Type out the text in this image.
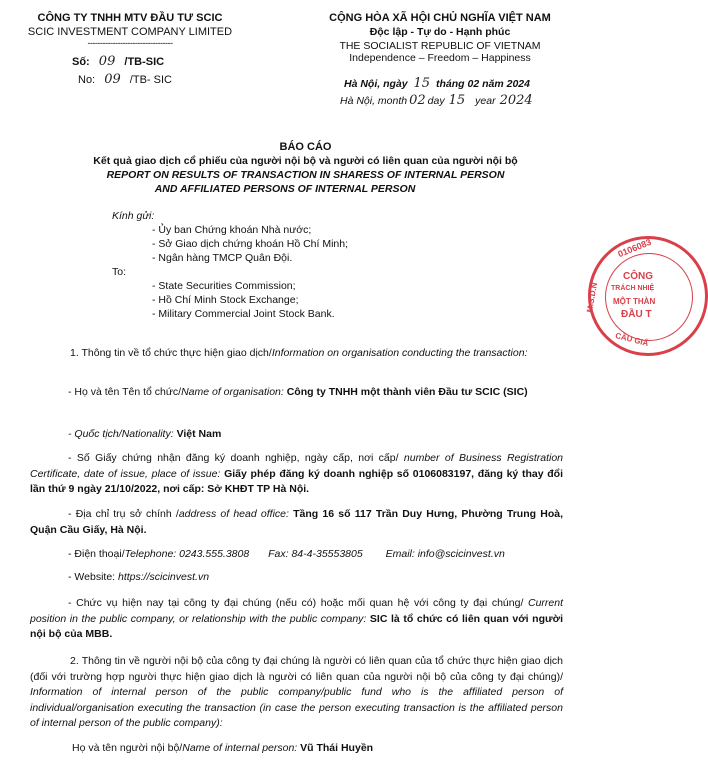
CÔNG TY TNHH MTV ĐẦU TƯ SCIC
SCIC INVESTMENT COMPANY LIMITED
----------------------------------
Số: 09 /TB-SIC
No: 09 /TB- SIC
CỘNG HÒA XÃ HỘI CHỦ NGHĨA VIỆT NAM
Độc lập - Tự do - Hạnh phúc
THE SOCIALIST REPUBLIC OF VIETNAM
Independence – Freedom – Happiness
Hà Nội, ngày 15 tháng 02 năm 2024
Hà Nội, month 02 day 15 year 2024
BÁO CÁO
Kết quả giao dịch cổ phiếu của người nội bộ và người có liên quan của người nội bộ
REPORT ON RESULTS OF TRANSACTION IN SHARESS OF INTERNAL PERSON
AND AFFILIATED PERSONS OF INTERNAL PERSON
Kính gửi:
- Ủy ban Chứng khoán Nhà nước;
- Sở Giao dịch chứng khoán Hồ Chí Minh;
- Ngân hàng TMCP Quân Đội.
To:
- State Securities Commission;
- Hồ Chí Minh Stock Exchange;
- Military Commercial Joint Stock Bank.
1. Thông tin về tổ chức thực hiện giao dịch/Information on organisation conducting the transaction:
- Họ và tên Tên tổ chức/Name of organisation: Công ty TNHH một thành viên Đầu tư SCIC (SIC)
- Quốc tịch/Nationality: Việt Nam
- Số Giấy chứng nhận đăng ký doanh nghiệp, ngày cấp, nơi cấp/ number of Business Registration Certificate, date of issue, place of issue: Giấy phép đăng ký doanh nghiệp số 0106083197, đăng ký thay đổi lần thứ 9 ngày 21/10/2022, nơi cấp: Sở KHĐT TP Hà Nội.
- Địa chỉ trụ sở chính /address of head office: Tầng 16 số 117 Trần Duy Hưng, Phường Trung Hoà, Quận Cầu Giấy, Hà Nội.
- Điện thoại/Telephone: 0243.555.3808 Fax: 84-4-35553805 Email: info@scicinvest.vn
- Website: https://scicinvest.vn
- Chức vụ hiện nay tại công ty đại chúng (nếu có) hoặc mối quan hệ với công ty đại chúng/ Current position in the public company, or relationship with the public company: SIC là tổ chức có liên quan với người nội bộ của MBB.
2. Thông tin về người nội bộ của công ty đại chúng là người có liên quan của tổ chức thực hiện giao dịch (đối với trường hợp người thực hiện giao dịch là người có liên quan của người nội bộ của công ty đại chúng)/ Information of internal person of the public company/public fund who is the affiliated person of individual/organisation executing the transaction (in case the person executing transaction is the affiliated person of internal person of the public company):
Họ và tên người nội bộ/Name of internal person: Vũ Thái Huyền
0106083
M.S.D.N
CÔNG
TRÁCH NHIỆ
MỘT THÀN
ĐẦU T
CẦU GIẤ
